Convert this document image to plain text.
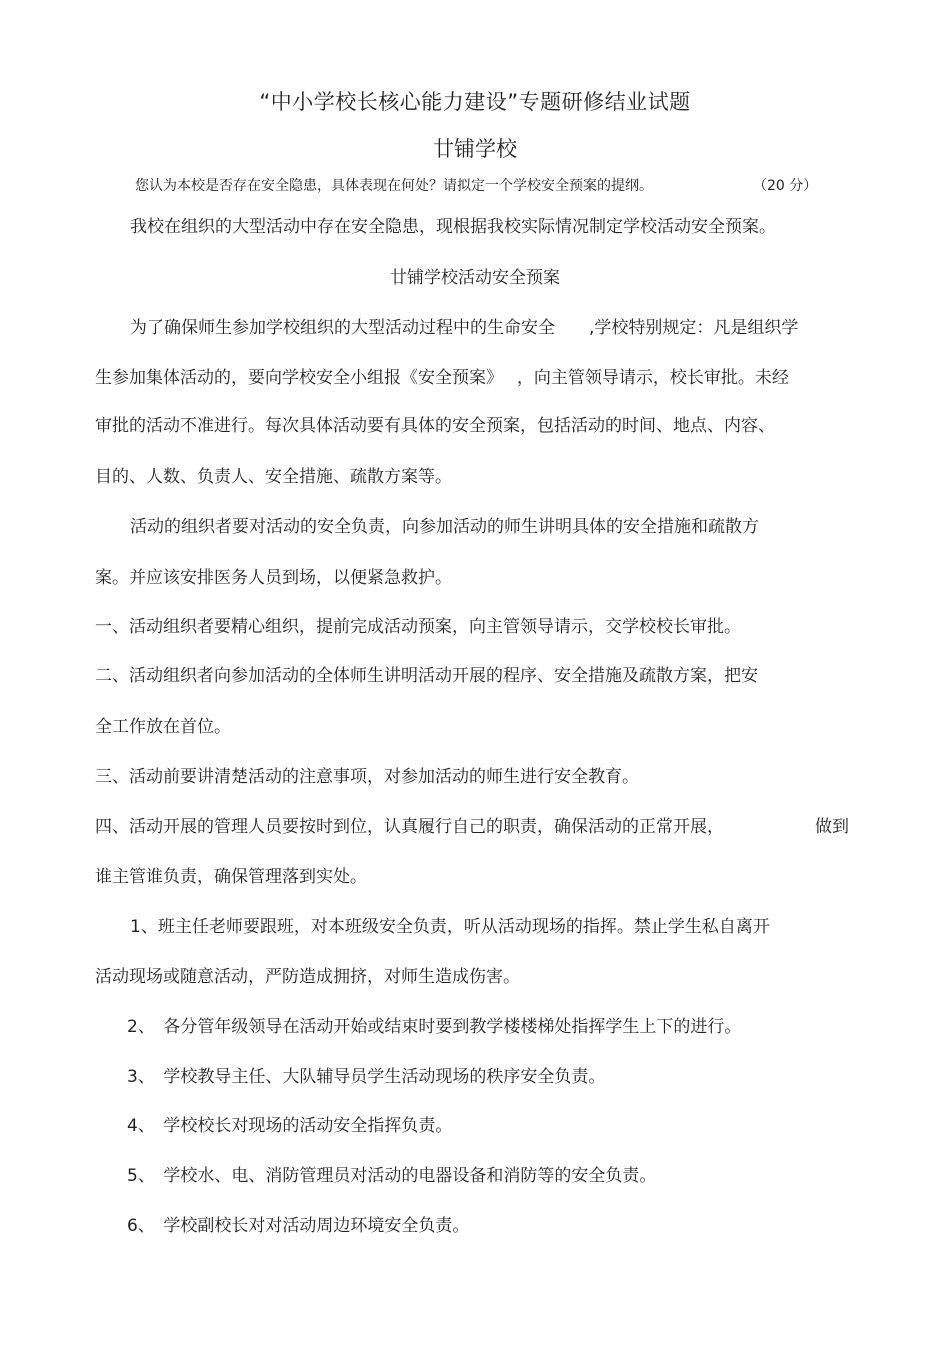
“中小学校长核心能力建设”专题研修结业试题
廿铺学校
您认为本校是否存在安全隐患，具体表现在何处？请拟定一个学校安全预案的提纲。	（20 分）
我校在组织的大型活动中存在安全隐患，现根据我校实际情况制定学校活动安全预案。
廿铺学校活动安全预案
为了确保师生参加学校组织的大型活动过程中的生命安全　　,学校特别规定：凡是组织学
生参加集体活动的，要向学校安全小组报《安全预案》　 ，向主管领导请示，校长审批。未经
审批的活动不准进行。每次具体活动要有具体的安全预案，包括活动的时间、地点、内容、
目的、人数、负责人、安全措施、疏散方案等。
活动的组织者要对活动的安全负责，向参加活动的师生讲明具体的安全措施和疏散方
案。并应该安排医务人员到场，以便紧急救护。
一、活动组织者要精心组织，提前完成活动预案，向主管领导请示，交学校校长审批。
二、活动组织者向参加活动的全体师生讲明活动开展的程序、安全措施及疏散方案，把安
全工作放在首位。
三、活动前要讲清楚活动的注意事项，对参加活动的师生进行安全教育。
四、活动开展的管理人员要按时到位，认真履行自己的职责，确保活动的正常开展，	做到
谁主管谁负责，确保管理落到实处。
1、班主任老师要跟班，对本班级安全负责，听从活动现场的指挥。禁止学生私自离开
活动现场或随意活动，严防造成拥挤，对师生造成伤害。
2、　各分管年级领导在活动开始或结束时要到教学楼楼梯处指挥学生上下的进行。
3、　学校教导主任、大队辅导员学生活动现场的秩序安全负责。
4、　学校校长对现场的活动安全指挥负责。
5、　学校水、电、消防管理员对活动的电器设备和消防等的安全负责。
6、　学校副校长对对活动周边环境安全负责。
